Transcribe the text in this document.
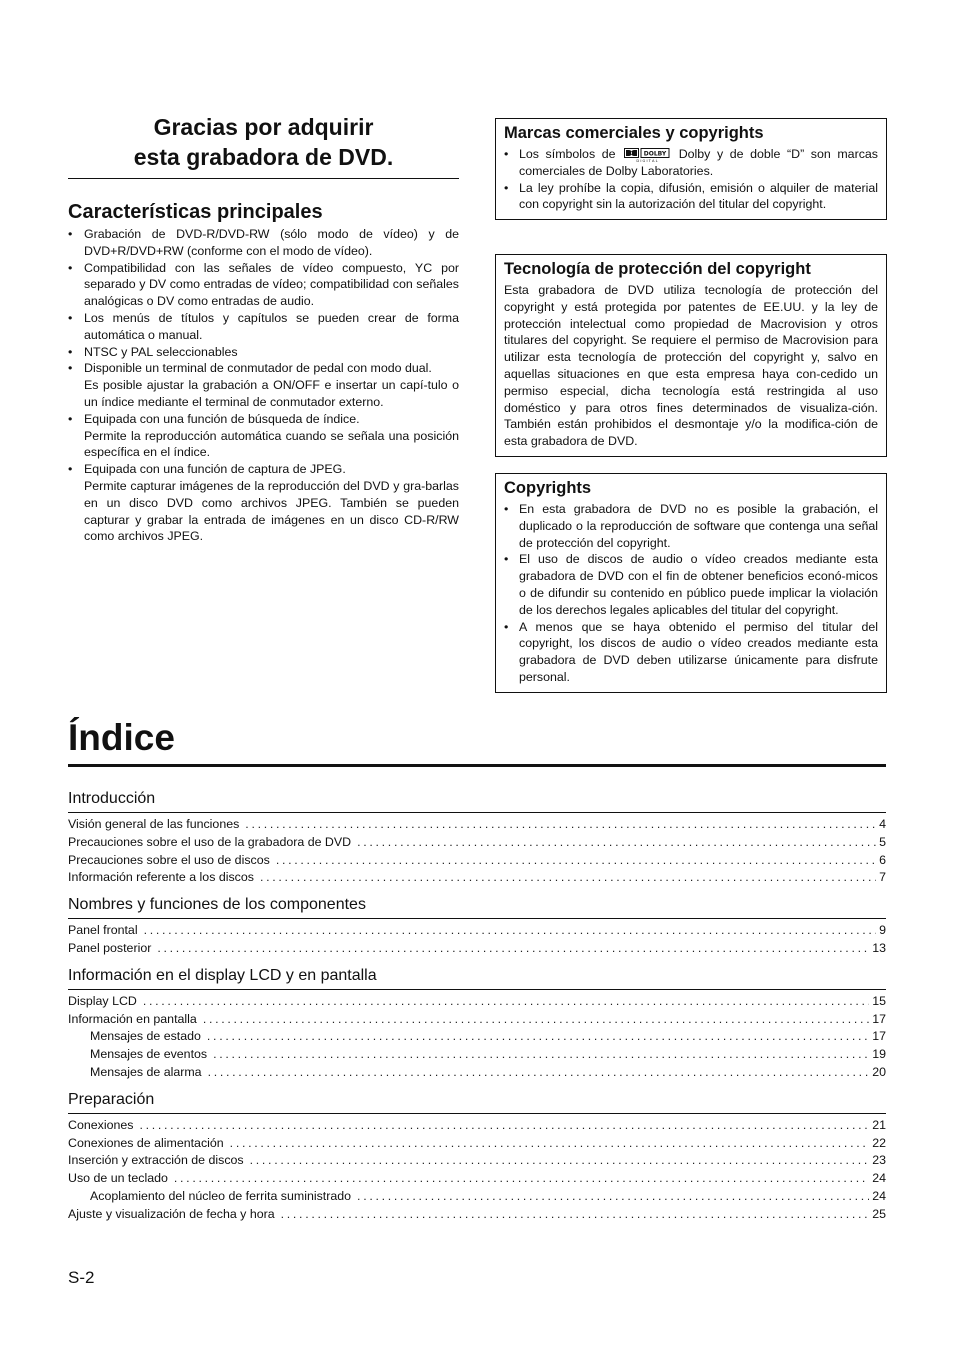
Gracias por adquirir
esta grabadora de DVD.
Características principales
• Grabación de DVD-R/DVD-RW (sólo modo de vídeo) y de DVD+R/DVD+RW (conforme con el modo de vídeo).
• Compatibilidad con las señales de vídeo compuesto, YC por separado y DV como entradas de vídeo; compatibilidad con señales analógicas o DV como entradas de audio.
• Los menús de títulos y capítulos se pueden crear de forma automática o manual.
• NTSC y PAL seleccionables
• Disponible un terminal de conmutador de pedal con modo dual.
Es posible ajustar la grabación a ON/OFF e insertar un capí-tulo o un índice mediante el terminal de conmutador externo.
• Equipada con una función de búsqueda de índice.
Permite la reproducción automática cuando se señala una posición específica en el índice.
• Equipada con una función de captura de JPEG.
Permite capturar imágenes de la reproducción del DVD y gra-barlas en un disco DVD como archivos JPEG. También se pueden capturar y grabar la entrada de imágenes en un disco CD-R/RW como archivos JPEG.
Marcas comerciales y copyrights
• Los símbolos de	DOLBY
D I G I T A L Dolby y de doble “D” son marcas comerciales de Dolby Laboratories.
• La ley prohíbe la copia, difusión, emisión o alquiler de material con copyright sin la autorización del titular del copyright.
Tecnología de protección del copyright

Esta grabadora de DVD utiliza tecnología de protección del copyright y está protegida por patentes de EE.UU. y la ley de protección intelectual como propiedad de Macrovision y otros titulares del copyright. Se requiere el permiso de Macrovision para utilizar esta tecnología de protección del copyright y, salvo en aquellas situaciones en que esta empresa haya con-cedido un permiso especial, dicha tecnología está restringida al uso doméstico y para otros fines determinados de visualiza-ción. También están prohibidos el desmontaje y/o la modifica-ción de esta grabadora de DVD.

Copyrights
• En esta grabadora de DVD no es posible la grabación, el duplicado o la reproducción de software que contenga una señal de protección del copyright.
• El uso de discos de audio o vídeo creados mediante esta grabadora de DVD con el fin de obtener beneficios econó-micos o de difundir su contenido en público puede implicar la violación de los derechos legales aplicables del titular del copyright.
• A menos que se haya obtenido el permiso del titular del copyright, los discos de audio o vídeo creados mediante esta grabadora de DVD deben utilizarse únicamente para disfrute personal.
Índice
Introducción
Visión general de las funciones .....	4
Precauciones sobre el uso de la grabadora de DVD .....	5
Precauciones sobre el uso de discos .....	6
Información referente a los discos .....	7
Nombres y funciones de los componentes
Panel frontal .....	9
Panel posterior .....	13
Información en el display LCD y en pantalla
Display LCD .....	15
Información en pantalla .....	17
Mensajes de estado .....	17
Mensajes de eventos .....	19
Mensajes de alarma .....	20
Preparación
Conexiones .....	21
Conexiones de alimentación .....	22
Inserción y extracción de discos .....	23
Uso de un teclado .....	24
Acoplamiento del núcleo de ferrita suministrado .....	24
Ajuste y visualización de fecha y hora .....	25
S-2
